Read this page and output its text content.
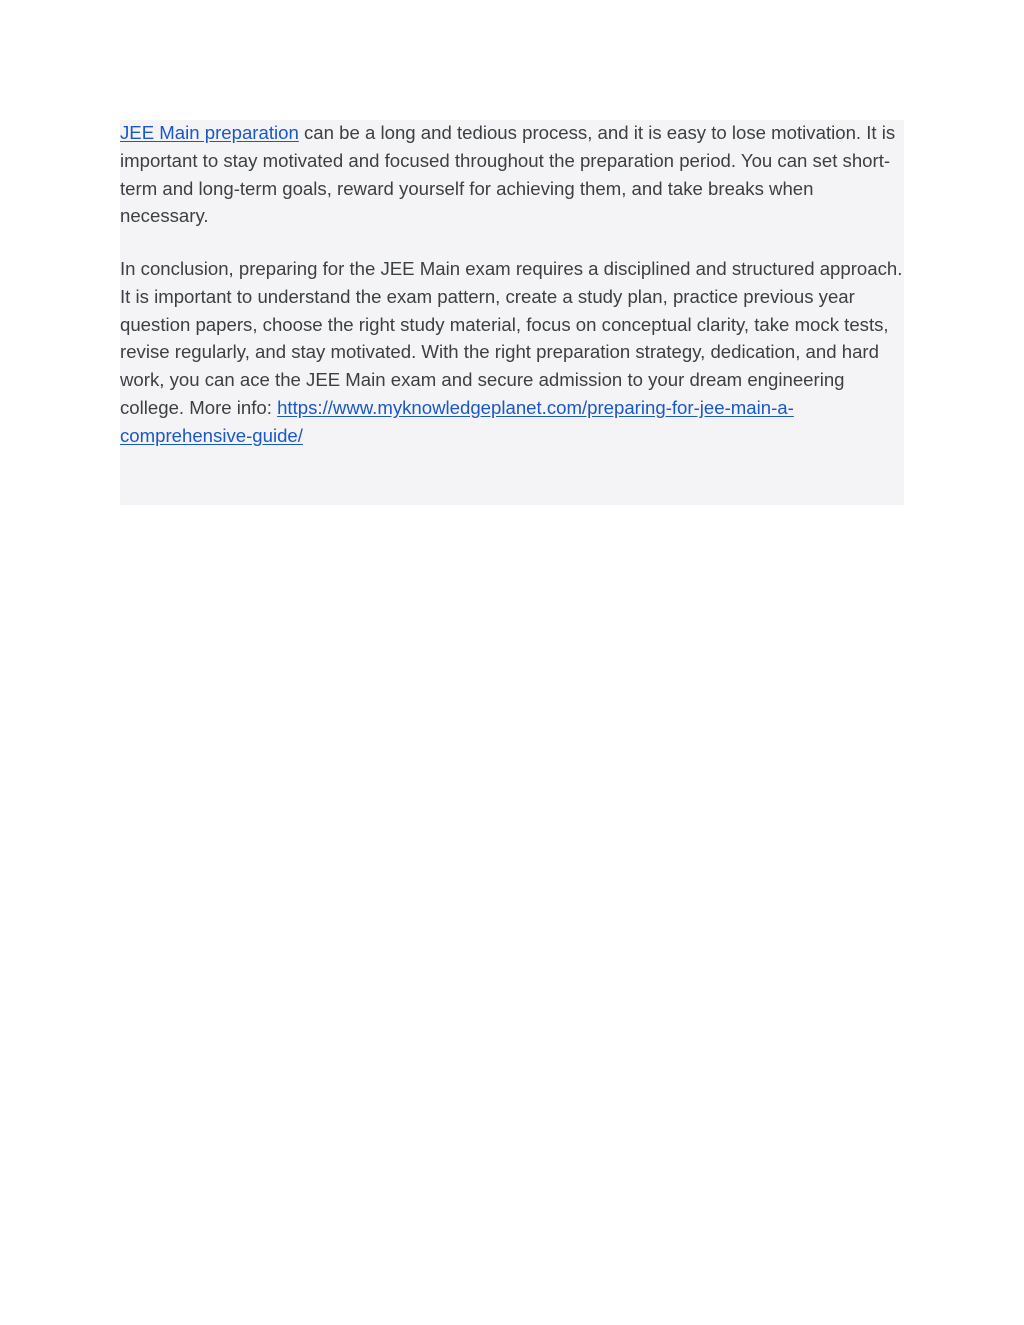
JEE Main preparation can be a long and tedious process, and it is easy to lose motivation. It is important to stay motivated and focused throughout the preparation period. You can set short-term and long-term goals, reward yourself for achieving them, and take breaks when necessary.

In conclusion, preparing for the JEE Main exam requires a disciplined and structured approach. It is important to understand the exam pattern, create a study plan, practice previous year question papers, choose the right study material, focus on conceptual clarity, take mock tests, revise regularly, and stay motivated. With the right preparation strategy, dedication, and hard work, you can ace the JEE Main exam and secure admission to your dream engineering college. More info: https://www.myknowledgeplanet.com/preparing-for-jee-main-a-comprehensive-guide/
